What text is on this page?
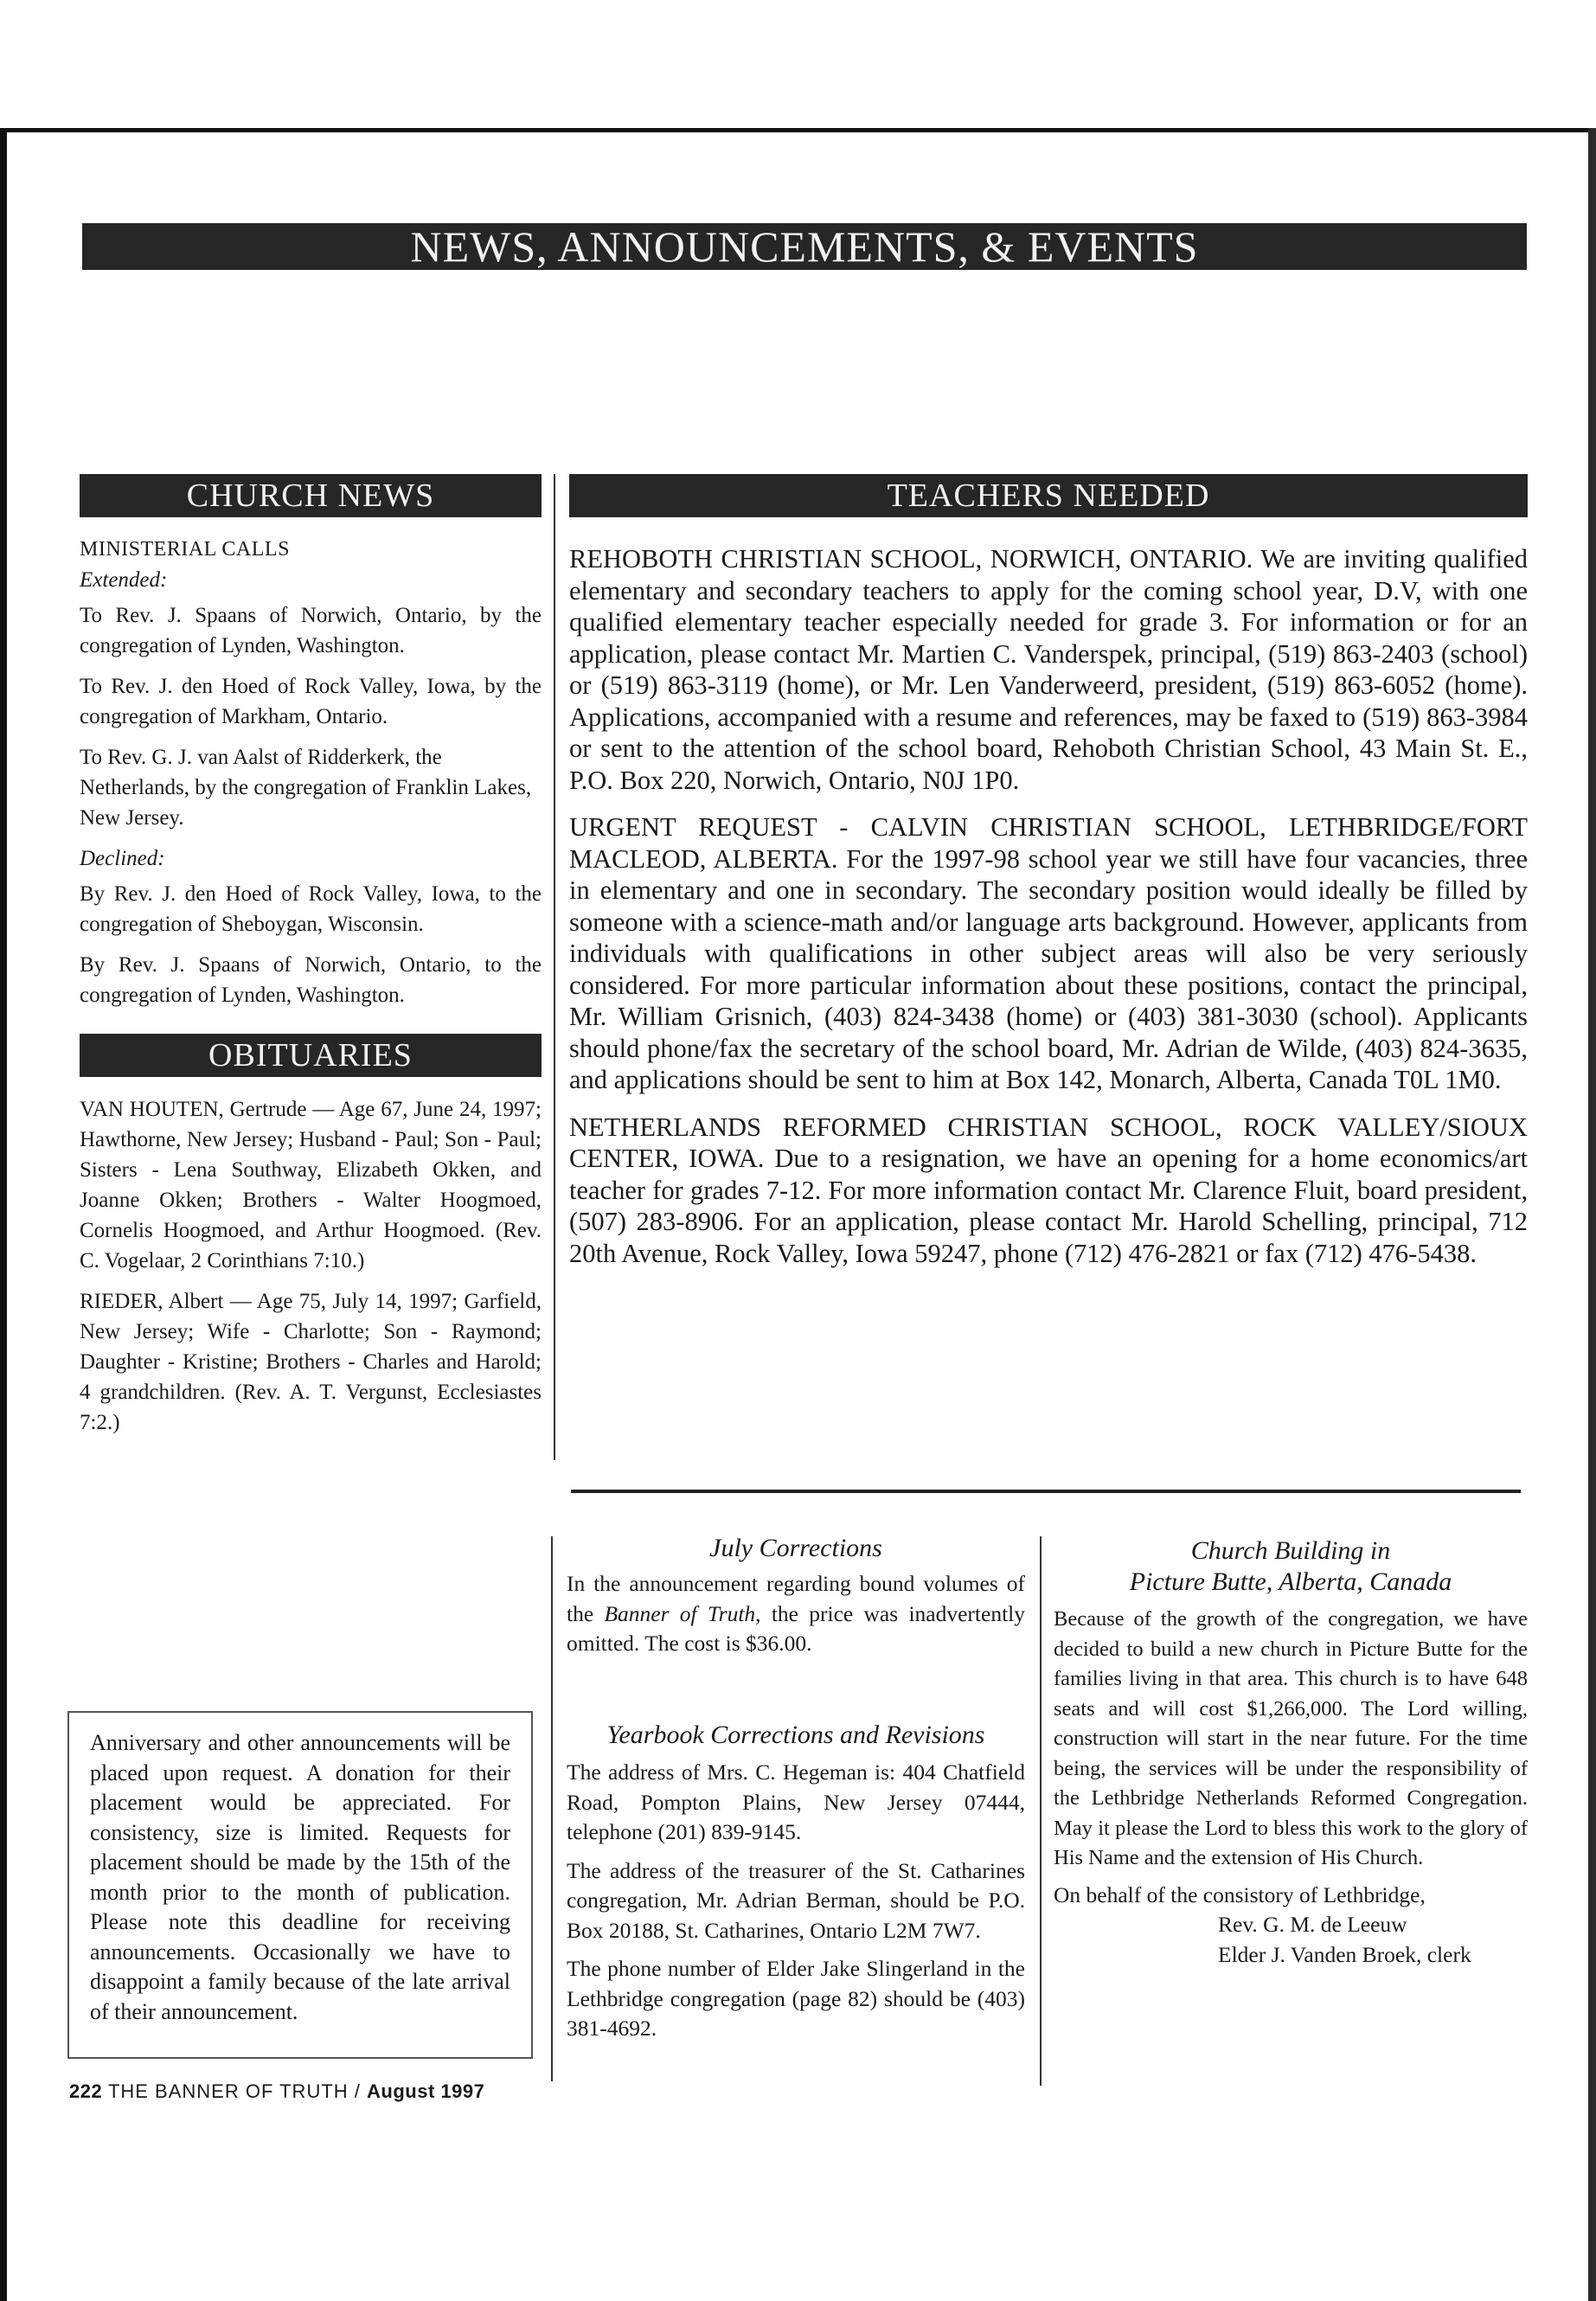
NEWS, ANNOUNCEMENTS, & EVENTS
CHURCH NEWS

MINISTERIAL CALLS

Extended:

To Rev. J. Spaans of Norwich, Ontario, by the congregation of Lynden, Washington.

To Rev. J. den Hoed of Rock Valley, Iowa, by the congregation of Markham, Ontario.

To Rev. G. J. van Aalst of Ridderkerk, the Netherlands, by the congregation of Franklin Lakes, New Jersey.

Declined:

By Rev. J. den Hoed of Rock Valley, Iowa, to the congregation of Sheboygan, Wisconsin.

By Rev. J. Spaans of Norwich, Ontario, to the congregation of Lynden, Washington.

OBITUARIES

VAN HOUTEN, Gertrude — Age 67, June 24, 1997; Hawthorne, New Jersey; Husband - Paul; Son - Paul; Sisters - Lena Southway, Elizabeth Okken, and Joanne Okken; Brothers - Walter Hoogmoed, Cornelis Hoogmoed, and Arthur Hoogmoed. (Rev. C. Vogelaar, 2 Corinthians 7:10.)

RIEDER, Albert — Age 75, July 14, 1997; Garfield, New Jersey; Wife - Charlotte; Son - Raymond; Daughter - Kristine; Brothers - Charles and Harold; 4 grandchildren. (Rev. A. T. Vergunst, Ecclesiastes 7:2.)

TEACHERS NEEDED

REHOBOTH CHRISTIAN SCHOOL, NORWICH, ONTARIO. We are inviting qualified elementary and secondary teachers to apply for the coming school year, D.V, with one qualified elementary teacher especially needed for grade 3. For information or for an application, please contact Mr. Martien C. Vanderspek, principal, (519) 863-2403 (school) or (519) 863-3119 (home), or Mr. Len Vanderweerd, president, (519) 863-6052 (home). Applications, accompanied with a resume and references, may be faxed to (519) 863-3984 or sent to the attention of the school board, Rehoboth Christian School, 43 Main St. E., P.O. Box 220, Norwich, Ontario, N0J 1P0.

URGENT REQUEST - CALVIN CHRISTIAN SCHOOL, LETHBRIDGE/FORT MACLEOD, ALBERTA. For the 1997-98 school year we still have four vacancies, three in elementary and one in secondary. The secondary position would ideally be filled by someone with a science-math and/or language arts background. However, applicants from individuals with qualifications in other subject areas will also be very seriously considered. For more particular information about these positions, contact the principal, Mr. William Grisnich, (403) 824-3438 (home) or (403) 381-3030 (school). Applicants should phone/fax the secretary of the school board, Mr. Adrian de Wilde, (403) 824-3635, and applications should be sent to him at Box 142, Monarch, Alberta, Canada T0L 1M0.

NETHERLANDS REFORMED CHRISTIAN SCHOOL, ROCK VALLEY/SIOUX CENTER, IOWA. Due to a resignation, we have an opening for a home economics/art teacher for grades 7-12. For more information contact Mr. Clarence Fluit, board president, (507) 283-8906. For an application, please contact Mr. Harold Schelling, principal, 712 20th Avenue, Rock Valley, Iowa 59247, phone (712) 476-2821 or fax (712) 476-5438.

Anniversary and other announcements will be placed upon request. A donation for their placement would be appreciated. For consistency, size is limited. Requests for placement should be made by the 15th of the month prior to the month of publication. Please note this deadline for receiving announcements. Occasionally we have to disappoint a family because of the late arrival of their announcement.

July Corrections

In the announcement regarding bound volumes of the Banner of Truth, the price was inadvertently omitted. The cost is $36.00.

Yearbook Corrections and Revisions

The address of Mrs. C. Hegeman is: 404 Chatfield Road, Pompton Plains, New Jersey 07444, telephone (201) 839-9145.

The address of the treasurer of the St. Catharines congregation, Mr. Adrian Berman, should be P.O. Box 20188, St. Catharines, Ontario L2M 7W7.

The phone number of Elder Jake Slingerland in the Lethbridge congregation (page 82) should be (403) 381-4692.

Church Building in

Picture Butte, Alberta, Canada

Because of the growth of the congregation, we have decided to build a new church in Picture Butte for the families living in that area. This church is to have 648 seats and will cost $1,266,000. The Lord willing, construction will start in the near future. For the time being, the services will be under the responsibility of the Lethbridge Netherlands Reformed Congregation. May it please the Lord to bless this work to the glory of His Name and the extension of His Church.

On behalf of the consistory of Lethbridge,

Rev. G. M. de Leeuw

Elder J. Vanden Broek, clerk

222 THE BANNER OF TRUTH / August 1997
